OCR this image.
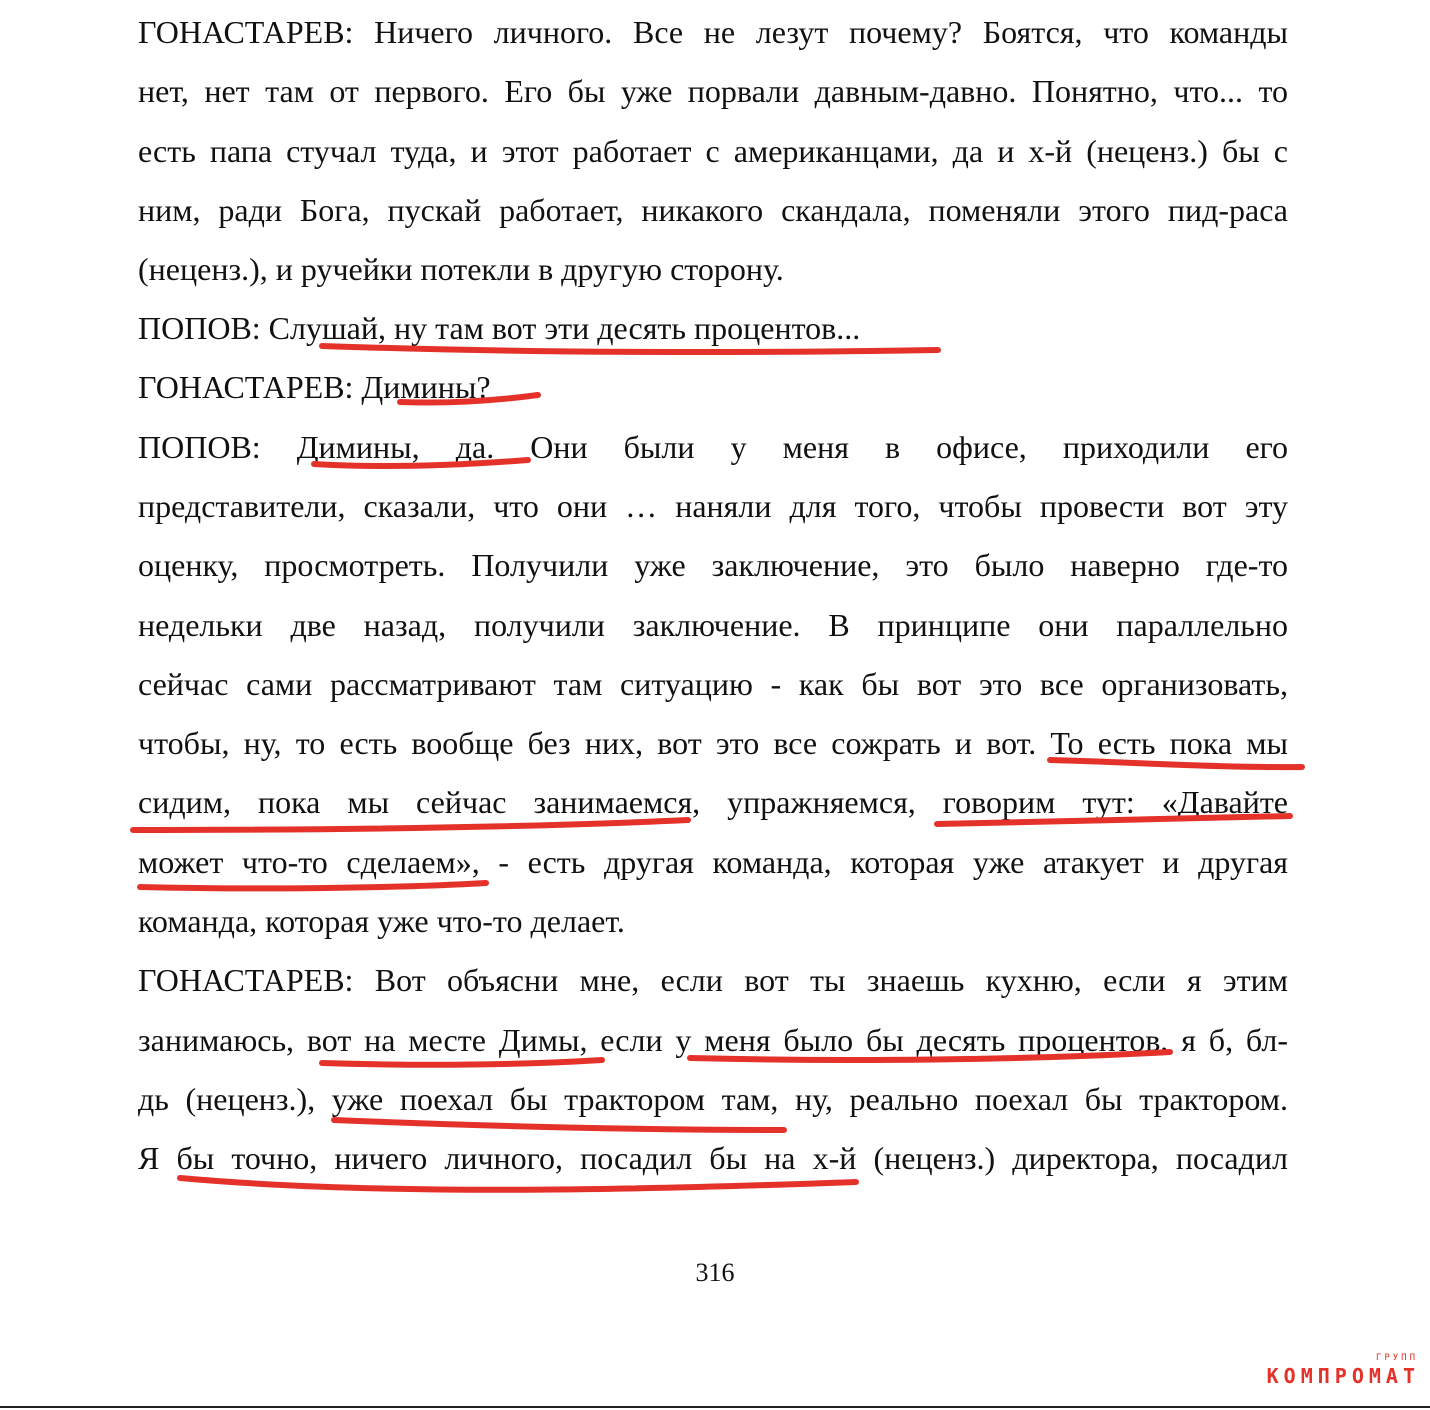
ГОНАСТАРЕВ: Ничего личного. Все не лезут почему? Боятся, что команды
нет, нет там от первого. Его бы уже порвали давным-давно. Понятно, что... то
есть папа стучал туда, и этот работает с американцами, да и х-й (неценз.) бы с
ним, ради Бога, пускай работает, никакого скандала, поменяли этого пид-раса
(неценз.), и ручейки потекли в другую сторону.
ПОПОВ: Слушай, ну там вот эти десять процентов...
ГОНАСТАРЕВ: Димины?
ПОПОВ: Димины, да. Они были у меня в офисе, приходили его
представители, сказали, что они … наняли для того, чтобы провести вот эту
оценку, просмотреть. Получили уже заключение, это было наверно где-то
недельки две назад, получили заключение. В принципе они параллельно
сейчас сами рассматривают там ситуацию - как бы вот это все организовать,
чтобы, ну, то есть вообще без них, вот это все сожрать и вот. То есть пока мы
сидим, пока мы сейчас занимаемся, упражняемся, говорим тут: «Давайте
может что-то сделаем», - есть другая команда, которая уже атакует и другая
команда, которая уже что-то делает.
ГОНАСТАРЕВ: Вот объясни мне, если вот ты знаешь кухню, если я этим
занимаюсь, вот на месте Димы, если у меня было бы десять процентов, я б, бл-
дь (неценз.), уже поехал бы трактором там, ну, реально поехал бы трактором.
Я бы точно, ничего личного, посадил бы на х-й (неценз.) директора, посадил
316
ГРУПП
КОМПРОМАТ
